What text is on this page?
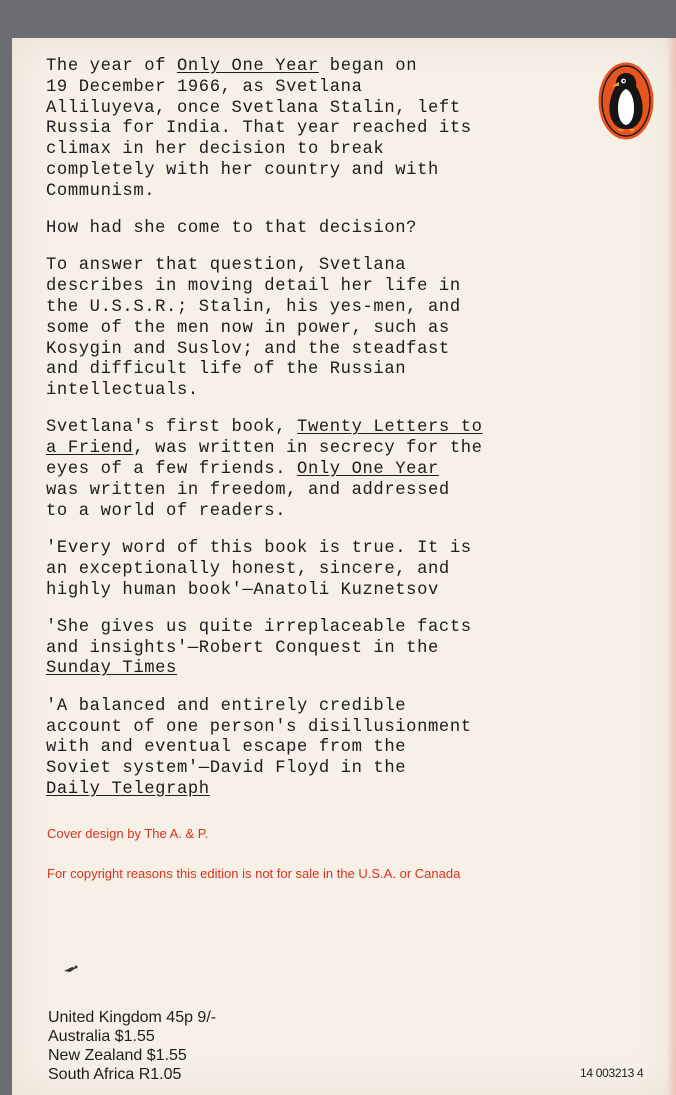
The year of Only One Year began on
19 December 1966, as Svetlana
Alliluyeva, once Svetlana Stalin, left
Russia for India. That year reached its
climax in her decision to break
completely with her country and with
Communism.

How had she come to that decision?

To answer that question, Svetlana
describes in moving detail her life in
the U.S.S.R.; Stalin, his yes-men, and
some of the men now in power, such as
Kosygin and Suslov; and the steadfast
and difficult life of the Russian
intellectuals.

Svetlana's first book, Twenty Letters to
a Friend, was written in secrecy for the
eyes of a few friends. Only One Year
was written in freedom, and addressed
to a world of readers.

'Every word of this book is true. It is
an exceptionally honest, sincere, and
highly human book'—Anatoli Kuznetsov

'She gives us quite irreplaceable facts
and insights'—Robert Conquest in the
Sunday Times

'A balanced and entirely credible
account of one person's disillusionment
with and eventual escape from the
Soviet system'—David Floyd in the
Daily Telegraph

Cover design by The A. & P.
For copyright reasons this edition is not for sale in the U.S.A. or Canada
United Kingdom 45p 9/-
Australia $1.55
New Zealand $1.55
South Africa R1.05	14 003213 4
